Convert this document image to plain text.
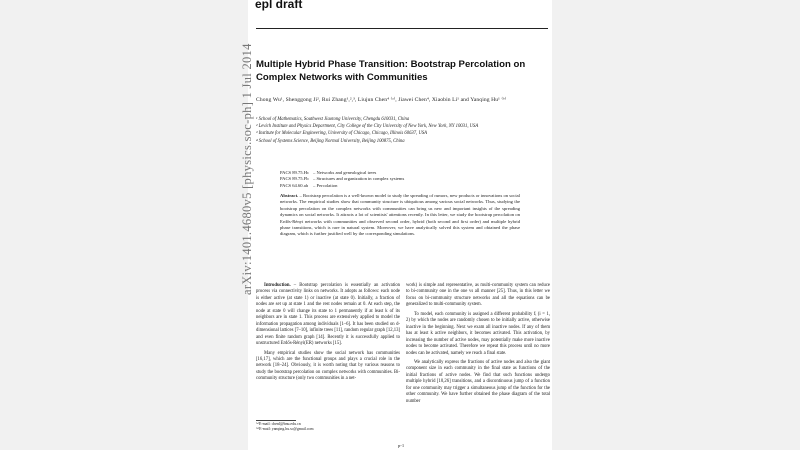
epl draft
Multiple Hybrid Phase Transition: Bootstrap Percolation on Complex Networks with Communities
Chong Wu¹, Shenggong Ji², Rui Zhang¹,²,³, Liujun Chen⁴ ⁽ᵃ⁾, Jiawei Chen⁴, Xiaobin Li¹ and Yanqing Hu¹ ⁽ᵇ⁾
¹ School of Mathematics, Southwest Jiaotong University, Chengdu 610031, China
² Levich Institute and Physics Department, City College of the City University of New York, New York, NY 10031, USA
³ Institute for Molecular Engineering, University of Chicago, Chicago, Illinois 60637, USA
⁴ School of Systems Science, Beijing Normal University, Beijing 100875, China
PACS 89.75.Hc – Networks and genealogical trees
PACS 89.75.Fb – Structures and organization in complex systems
PACS 64.60.ah – Percolation
Abstract. – Bootstrap percolation is a well-known model to study the spreading of rumors, new products or innovations on social networks. The empirical studies show that community structure is ubiquitous among various social networks. Thus, studying the bootstrap percolation on the complex networks with communities can bring us new and important insights of the spreading dynamics on social networks. It attracts a lot of scientists' attentions recently. In this letter, we study the bootstrap percolation on Erdős-Rényi networks with communities and observed second order, hybrid (both second and first order) and multiple hybrid phase transitions, which is rare in natural system. Moreover, we have analytically solved this system and obtained the phase diagram, which is further justified well by the corresponding simulations.

Introduction. – Bootstrap percolation is essentially an activation process via connectivity links on networks. It adopts as follows: each node is either active (at state 1) or inactive (at state 0). Initially, a fraction of nodes are set up at state 1 and the rest nodes remain at 0. At each step, the node at state 0 will change its state to 1 permanently if at least k of its neighbors are in state 1. This process are extensively applied to model the information propagation among individuals [1–6]. It has been studied on d-dimensional lattices [7–10], infinite trees [11], random regular graph [12,13] and even finite random graph [14]. Recently it is successfully applied to unstructured Erdős-Rényi(ER) networks [15].

Many empirical studies show the social network has communities [16,17], which are the functional groups and plays a crucial role in the network [18–24]. Obviously, it is worth noting that by various reasons to study the bootstrap percolation on complex networks with communities. Bi-community structure (only two communities in a net-

work) is simple and representative, as multi-community system can reduce to bi-community one in the one vs all manner [25]. Thus, in this letter we focus on bi-community structure networks and all the equations can be generalized to multi-community system.

To model, each community is assigned a different probability fᵢ (i = 1, 2) by which the nodes are randomly chosen to be initially active, otherwise inactive in the beginning. Next we exam all inactive nodes. If any of them has at least k active neighbors, it becomes activated. This activation, by increasing the number of active nodes, may potentially make more inactive nodes to become activated. Therefore we repeat this process until no more nodes can be activated, namely we reach a final state.

We analytically express the fractions of active nodes and also the giant component size in each community in the final state as functions of the initial fractions of active nodes. We find that such functions undergo multiple hybrid [10,26] transitions, and a discontinuous jump of a function for one community may trigger a simultaneous jump of the function for the other community. We have further obtained the phase diagram of the total number

⁽ᵃ⁾E-mail: chenl@bnu.edu.cn
⁽ᵇ⁾E-mail: yanqing.hu.sc@gmail.com
p-1
arXiv:1401.4680v5 [physics.soc-ph] 1 Jul 2014
